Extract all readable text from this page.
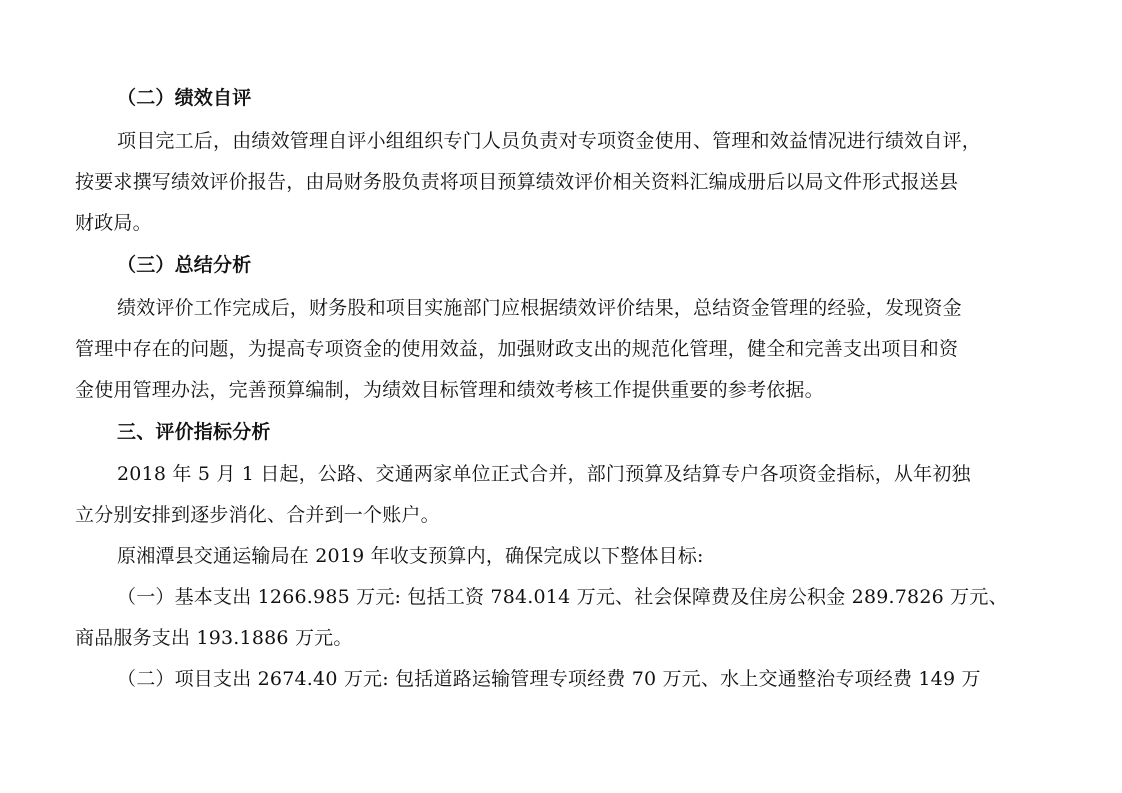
（二）绩效自评
项目完工后，由绩效管理自评小组组织专门人员负责对专项资金使用、管理和效益情况进行绩效自评，
按要求撰写绩效评价报告，由局财务股负责将项目预算绩效评价相关资料汇编成册后以局文件形式报送县
财政局。
（三）总结分析
绩效评价工作完成后，财务股和项目实施部门应根据绩效评价结果，总结资金管理的经验，发现资金
管理中存在的问题，为提高专项资金的使用效益，加强财政支出的规范化管理，健全和完善支出项目和资
金使用管理办法，完善预算编制，为绩效目标管理和绩效考核工作提供重要的参考依据。
三、评价指标分析
2018 年 5 月 1 日起，公路、交通两家单位正式合并，部门预算及结算专户各项资金指标，从年初独
立分别安排到逐步消化、合并到一个账户。
原湘潭县交通运输局在 2019 年收支预算内，确保完成以下整体目标:
（一）基本支出 1266.985 万元: 包括工资 784.014 万元、社会保障费及住房公积金 289.7826 万元、
商品服务支出 193.1886 万元。
（二）项目支出 2674.40 万元: 包括道路运输管理专项经费 70 万元、水上交通整治专项经费 149 万
